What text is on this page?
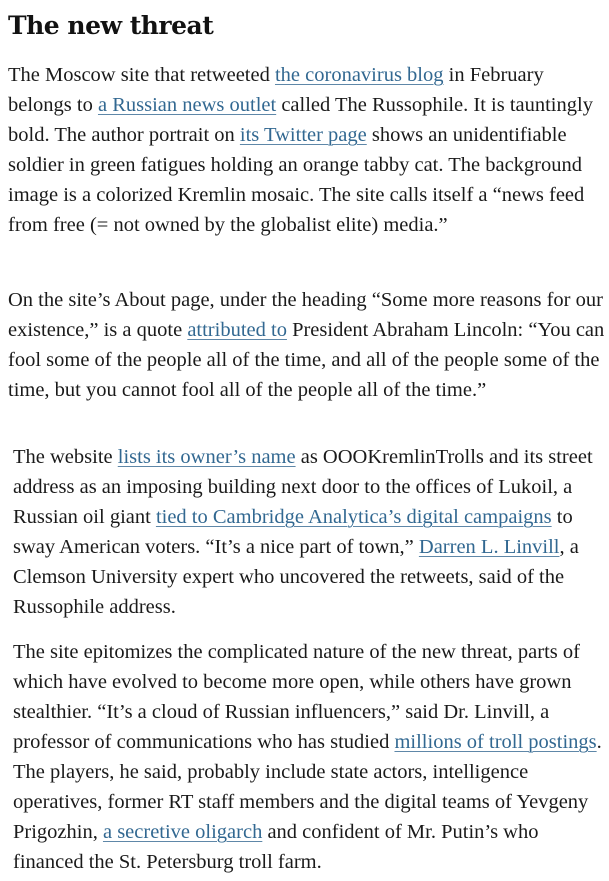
The new threat

The Moscow site that retweeted the coronavirus blog in February belongs to a Russian news outlet called The Russophile. It is tauntingly bold. The author portrait on its Twitter page shows an unidentifiable soldier in green fatigues holding an orange tabby cat. The background image is a colorized Kremlin mosaic. The site calls itself a “news feed from free (= not owned by the globalist elite) media.”

On the site’s About page, under the heading “Some more reasons for our existence,” is a quote attributed to President Abraham Lincoln: “You can fool some of the people all of the time, and all of the people some of the time, but you cannot fool all of the people all of the time.”

The website lists its owner’s name as OOOKremlinTrolls and its street address as an imposing building next door to the offices of Lukoil, a Russian oil giant tied to Cambridge Analytica’s digital campaigns to sway American voters. “It’s a nice part of town,” Darren L. Linvill, a Clemson University expert who uncovered the retweets, said of the Russophile address.

The site epitomizes the complicated nature of the new threat, parts of which have evolved to become more open, while others have grown stealthier. “It’s a cloud of Russian influencers,” said Dr. Linvill, a professor of communications who has studied millions of troll postings. The players, he said, probably include state actors, intelligence operatives, former RT staff members and the digital teams of Yevgeny Prigozhin, a secretive oligarch and confident of Mr. Putin’s who financed the St. Petersburg troll farm.
